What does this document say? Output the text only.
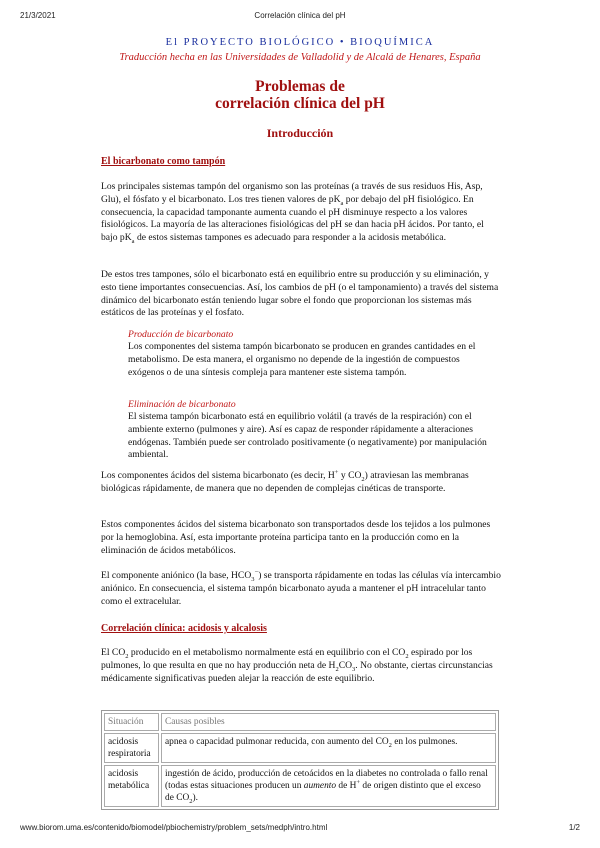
21/3/2021	Correlación clínica del pH
El PROYECTO BIOLÓGICO • BIOQUÍMICA
Traducción hecha en las Universidades de Valladolid y de Alcalá de Henares, España
Problemas de
correlación clínica del pH
Introducción
El bicarbonato como tampón

Los principales sistemas tampón del organismo son las proteínas (a través de sus residuos His, Asp, Glu), el fósfato y el bicarbonato. Los tres tienen valores de $pK_a$ por debajo del pH fisiológico. En consecuencia, la capacidad tamponante aumenta cuando el pH disminuye respecto a los valores fisiológicos. La mayoría de las alteraciones fisiológicas del pH se dan hacia pH ácidos. Por tanto, el bajo $pK_a$ de estos sistemas tampones es adecuado para responder a la acidosis metabólica.

De estos tres tampones, sólo el bicarbonato está en equilibrio entre su producción y su eliminación, y esto tiene importantes consecuencias. Así, los cambios de pH (o el tamponamiento) a través del sistema dinámico del bicarbonato están teniendo lugar sobre el fondo que proporcionan los sistemas más estáticos de las proteínas y el fosfato.

Producción de bicarbonato

Los componentes del sistema tampón bicarbonato se producen en grandes cantidades en el metabolismo. De esta manera, el organismo no depende de la ingestión de compuestos exógenos o de una síntesis compleja para mantener este sistema tampón.

Eliminación de bicarbonato

El sistema tampón bicarbonato está en equilibrio volátil (a través de la respiración) con el ambiente externo (pulmones y aire). Así es capaz de responder rápidamente a alteraciones endógenas. También puede ser controlado positivamente (o negativamente) por manipulación ambiental.

Los componentes ácidos del sistema bicarbonato (es decir, H+ y $CO_2$) atraviesan las membranas biológicas rápidamente, de manera que no dependen de complejas cinéticas de transporte.

Estos componentes ácidos del sistema bicarbonato son transportados desde los tejidos a los pulmones por la hemoglobina. Así, esta importante proteína participa tanto en la producción como en la eliminación de ácidos metabólicos.

El componente aniónico (la base, $HCO_3^-$) se transporta rápidamente en todas las células vía intercambio aniónico. En consecuencia, el sistema tampón bicarbonato ayuda a mantener el pH intracelular tanto como el extracelular.

Correlación clínica: acidosis y alcalosis

El $CO_2$ producido en el metabolismo normalmente está en equilibrio con el $CO_2$ espirado por los pulmones, lo que resulta en que no hay producción neta de $H_2CO_3$. No obstante, ciertas circunstancias médicamente significativas pueden alejar la reacción de este equilibrio.

Situación	Causas posibles
acidosis respiratoria	apnea o capacidad pulmonar reducida, con aumento del $CO_2$ en los pulmones.
acidosis metabólica	ingestión de ácido, producción de cetoácidos en la diabetes no controlada o fallo renal (todas estas situaciones producen un aumento de H+ de origen distinto que el exceso de $CO_2$).
www.biorom.uma.es/contenido/biomodel/pbiochemistry/problem_sets/medph/intro.html	1/2
